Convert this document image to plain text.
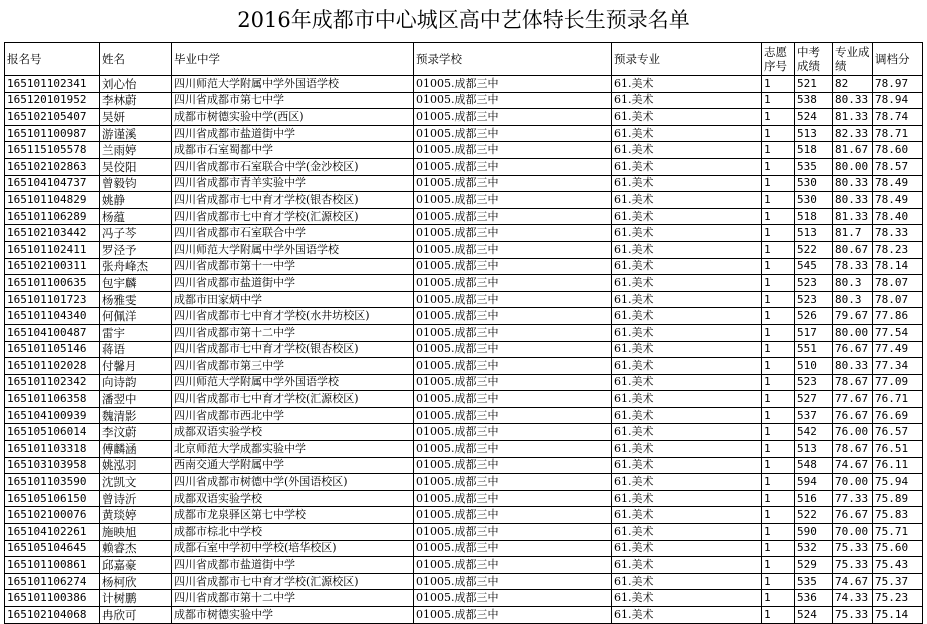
2016年成都市中心城区高中艺体特长生预录名单
报名号	姓名	毕业中学	预录学校	预录专业	志愿序号	中考成绩	专业成绩	调档分
165101102341	刘心怡	四川师范大学附属中学外国语学校	01005.成都三中	61.美术	1	521	82	78.97
165120101952	李林蔚	四川省成都市第七中学	01005.成都三中	61.美术	1	538	80.33	78.94
165102105407	吴妍	成都市树德实验中学(西区)	01005.成都三中	61.美术	1	524	81.33	78.74
165101100987	游谨溪	四川省成都市盐道街中学	01005.成都三中	61.美术	1	513	82.33	78.71
165115105578	兰雨婷	成都市石室蜀都中学	01005.成都三中	61.美术	1	518	81.67	78.60
165102102863	吴佼阳	四川省成都市石室联合中学(金沙校区)	01005.成都三中	61.美术	1	535	80.00	78.57
165104104737	曾毅钧	四川省成都市青羊实验中学	01005.成都三中	61.美术	1	530	80.33	78.49
165101104829	姚静	四川省成都市七中育才学校(银杏校区)	01005.成都三中	61.美术	1	530	80.33	78.49
165101106289	杨蕴	四川省成都市七中育才学校(汇源校区)	01005.成都三中	61.美术	1	518	81.33	78.40
165102103442	冯子芩	四川省成都市石室联合中学	01005.成都三中	61.美术	1	513	81.7	78.33
165101102411	罗泾予	四川师范大学附属中学外国语学校	01005.成都三中	61.美术	1	522	80.67	78.23
165102100311	张舟峰杰	四川省成都市第十一中学	01005.成都三中	61.美术	1	545	78.33	78.14
165101100635	包宇麟	四川省成都市盐道街中学	01005.成都三中	61.美术	1	523	80.3	78.07
165101101723	杨雅雯	成都市田家炳中学	01005.成都三中	61.美术	1	523	80.3	78.07
165101104340	何佩洋	四川省成都市七中育才学校(水井坊校区)	01005.成都三中	61.美术	1	526	79.67	77.86
165104100487	雷宇	四川省成都市第十二中学	01005.成都三中	61.美术	1	517	80.00	77.54
165101105146	蒋语	四川省成都市七中育才学校(银杏校区)	01005.成都三中	61.美术	1	551	76.67	77.49
165101102028	付馨月	四川省成都市第三中学	01005.成都三中	61.美术	1	510	80.33	77.34
165101102342	向诗韵	四川师范大学附属中学外国语学校	01005.成都三中	61.美术	1	523	78.67	77.09
165101106358	潘翌中	四川省成都市七中育才学校(汇源校区)	01005.成都三中	61.美术	1	527	77.67	76.71
165104100939	魏清影	四川省成都市西北中学	01005.成都三中	61.美术	1	537	76.67	76.69
165105106014	李汶蔚	成都双语实验学校	01005.成都三中	61.美术	1	542	76.00	76.57
165101103318	傅麟涵	北京师范大学成都实验中学	01005.成都三中	61.美术	1	513	78.67	76.51
165103103958	姚泓羽	西南交通大学附属中学	01005.成都三中	61.美术	1	548	74.67	76.11
165101103590	沈凯文	四川省成都市树德中学(外国语校区)	01005.成都三中	61.美术	1	594	70.00	75.94
165105106150	曾诗沂	成都双语实验学校	01005.成都三中	61.美术	1	516	77.33	75.89
165102100076	黄琰婷	成都市龙泉驿区第七中学校	01005.成都三中	61.美术	1	522	76.67	75.83
165104102261	施映旭	成都市棕北中学校	01005.成都三中	61.美术	1	590	70.00	75.71
165105104645	赖睿杰	成都石室中学初中学校(培华校区)	01005.成都三中	61.美术	1	532	75.33	75.60
165101100861	邱嘉豪	四川省成都市盐道街中学	01005.成都三中	61.美术	1	529	75.33	75.43
165101106274	杨柯欣	四川省成都市七中育才学校(汇源校区)	01005.成都三中	61.美术	1	535	74.67	75.37
165101100386	计树鹏	四川省成都市第十二中学	01005.成都三中	61.美术	1	536	74.33	75.23
165102104068	冉欣可	成都市树德实验中学	01005.成都三中	61.美术	1	524	75.33	75.14
